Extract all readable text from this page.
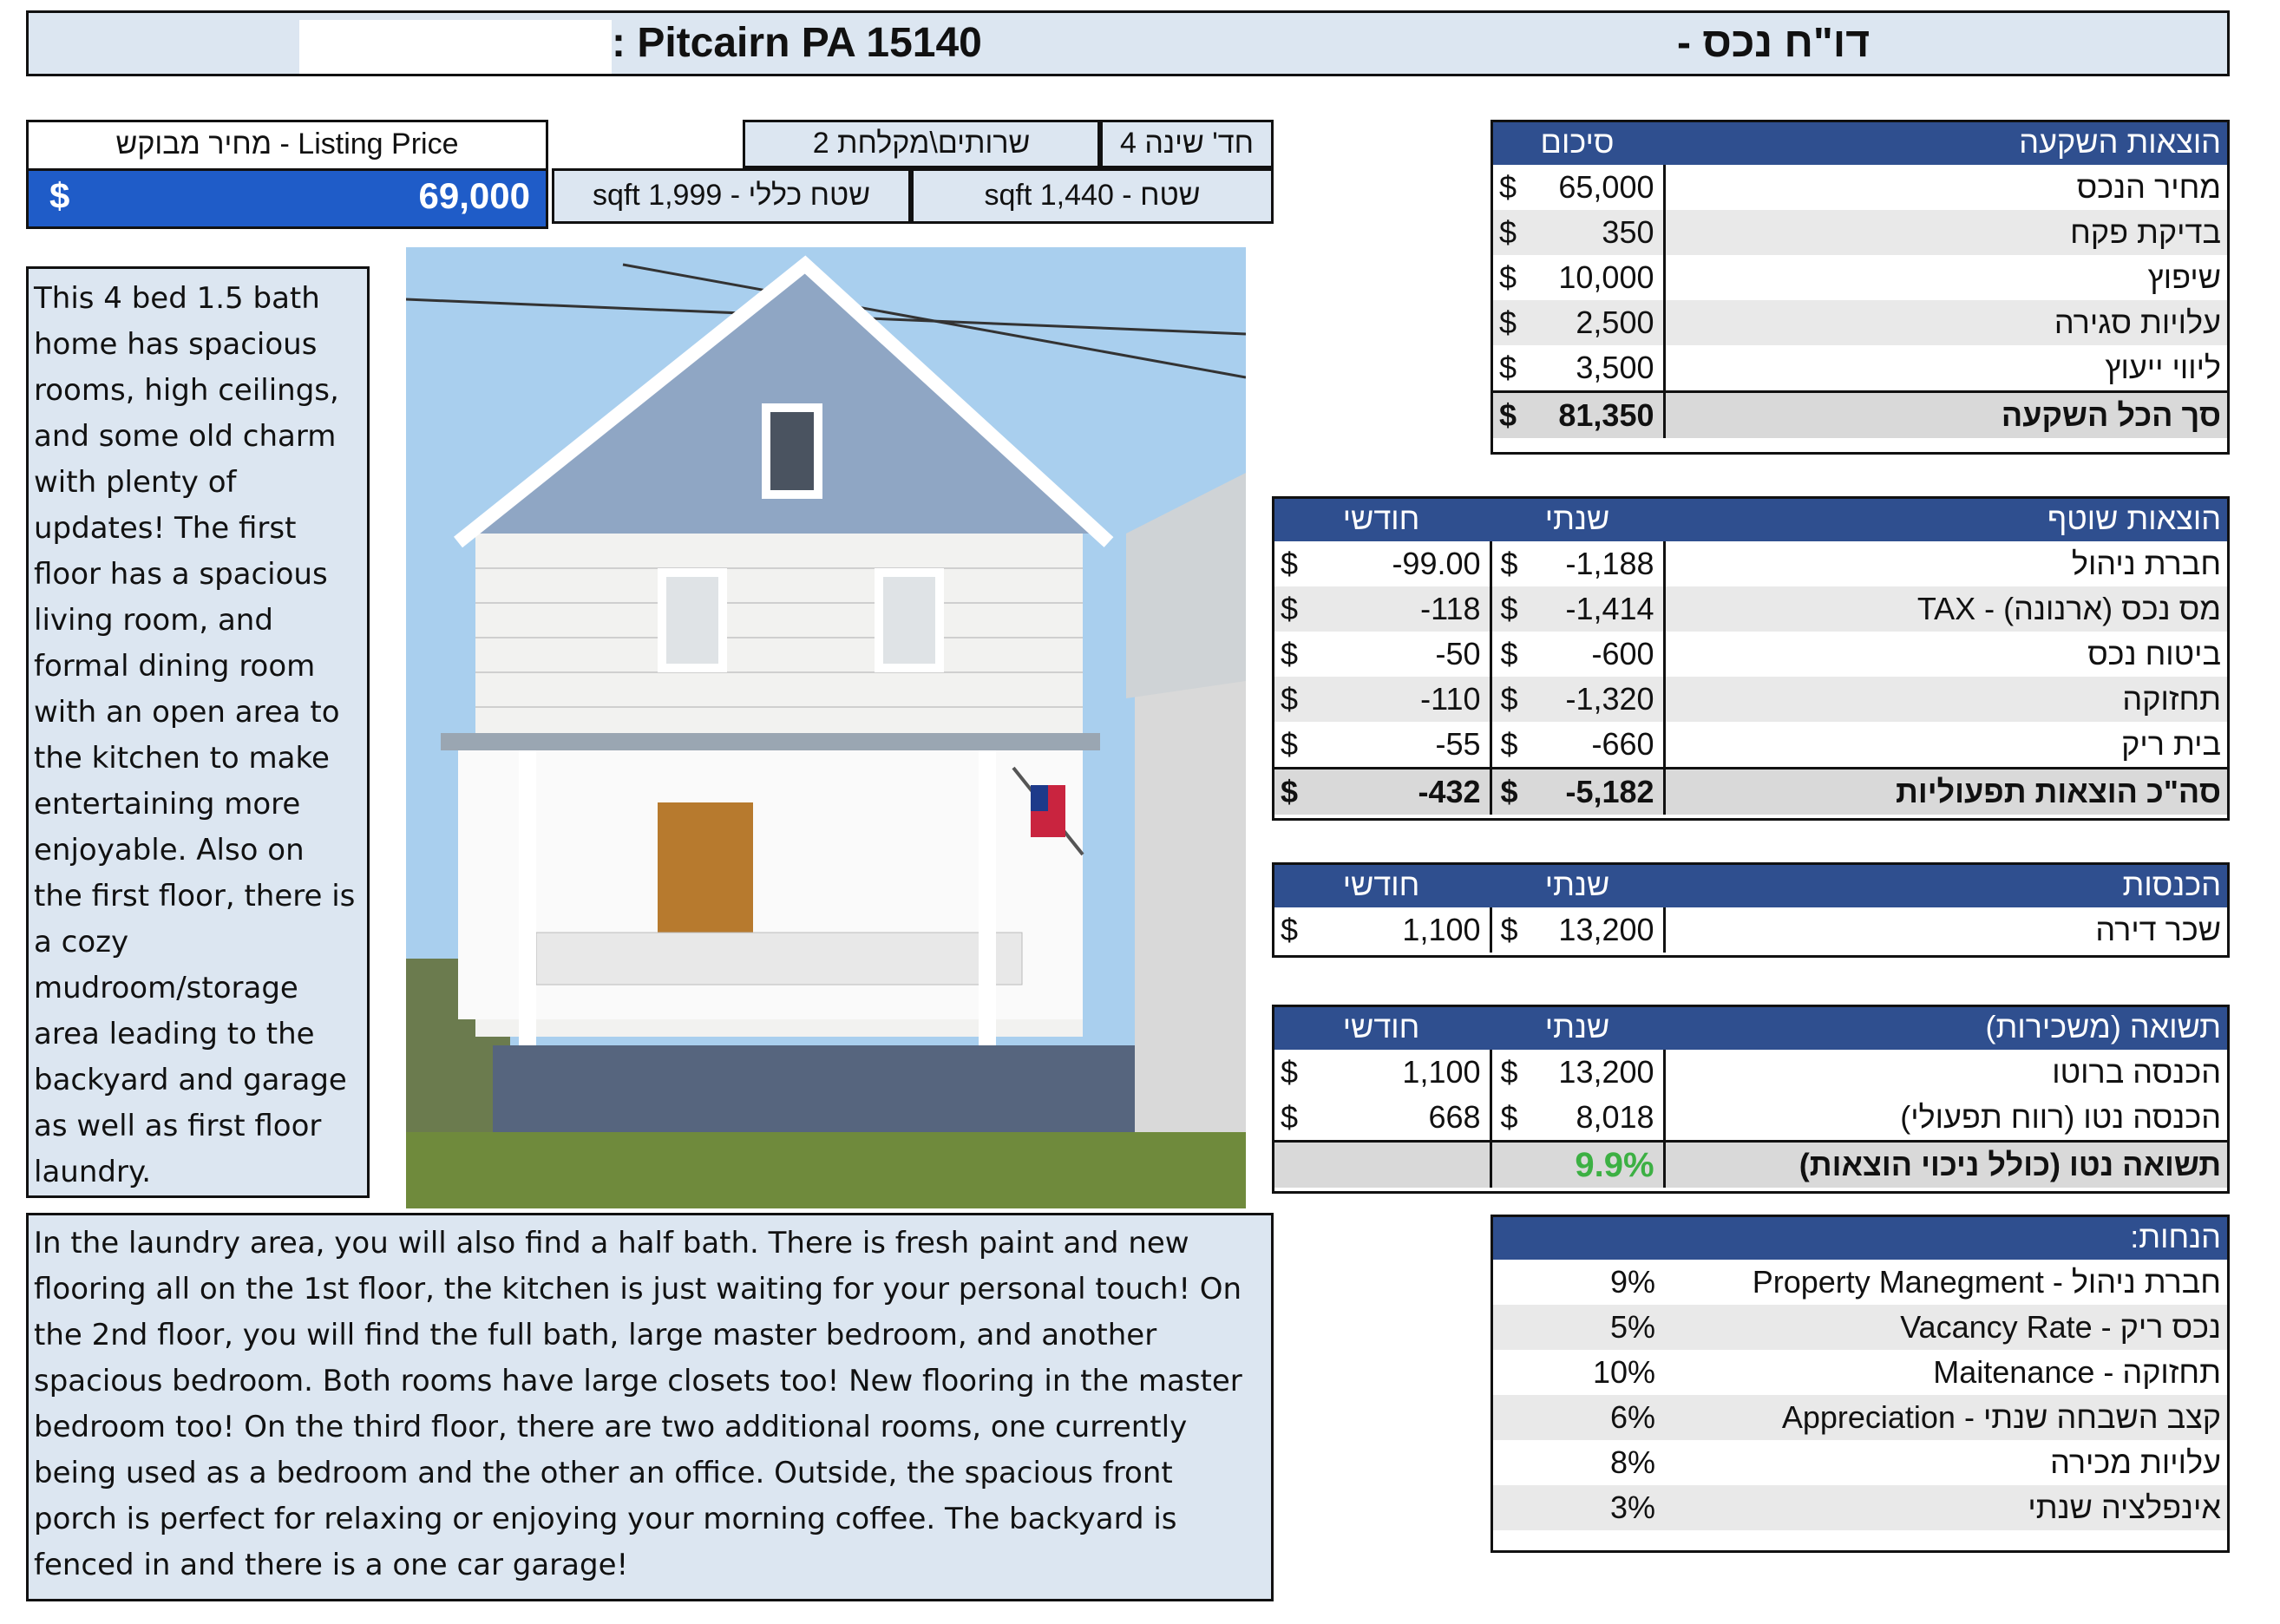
: Pitcairn PA 15140	דו"ח נכס -
מחיר מבוקש - Listing Price
$	69,000
חד' שינה 4
שרותים\מקלחת 2
שטח - sqft 1,440
שטח כללי - sqft 1,999
This 4 bed 1.5 bath home has spacious rooms, high ceilings, and some old charm with plenty of updates! The first floor has a spacious living room, and formal dining room with an open area to the kitchen to make entertaining more enjoyable. Also on the first floor, there is a cozy mudroom/storage area leading to the backyard and garage as well as first floor laundry.
In the laundry area, you will also find a half bath. There is fresh paint and new flooring all on the 1st floor, the kitchen is just waiting for your personal touch! On the 2nd floor, you will find the full bath, large master bedroom, and another spacious bedroom. Both rooms have large closets too! New flooring in the master bedroom too! On the third floor, there are two additional rooms, one currently being used as a bedroom and the other an office. Outside, the spacious front porch is perfect for relaxing or enjoying your morning coffee. The backyard is fenced in and there is a one car garage!
סיכום		הוצאות השקעה
$	65,000	מחיר הנכס
$	350	בדיקת פקח
$	10,000	שיפוץ
$	2,500	עלויות סגירה
$	3,500	ליווי ייעוץ
$	81,350	סך הכל השקעה
חודשי		שנתי		הוצאות שוטף
$	-99.00	$	-1,188	חברת ניהול
$	-118	$	-1,414	מס נכס (ארנונה) - TAX
$	-50	$	-600	ביטוח נכס
$	-110	$	-1,320	תחזוקה
$	-55	$	-660	בית ריק
$	-432	$	-5,182	סה"כ הוצאות תפעוליות
חודשי		שנתי		הכנסות
$	1,100	$	13,200	שכר דירה
חודשי		שנתי		תשואה (משכירות)
$	1,100	$	13,200	הכנסה ברוטו
$	668	$	8,018	הכנסה נטו (רווח תפעולי)
		9.9%		תשואה נטו (כולל ניכוי הוצאות)
הנחות:	
9%	חברת ניהול - Property Manegment
5%	נכס ריק - Vacancy Rate
10%	תחזוקה - Maitenance
6%	קצב השבחה שנתי - Appreciation
8%	עלויות מכירה
3%	אינפלציה שנתי
